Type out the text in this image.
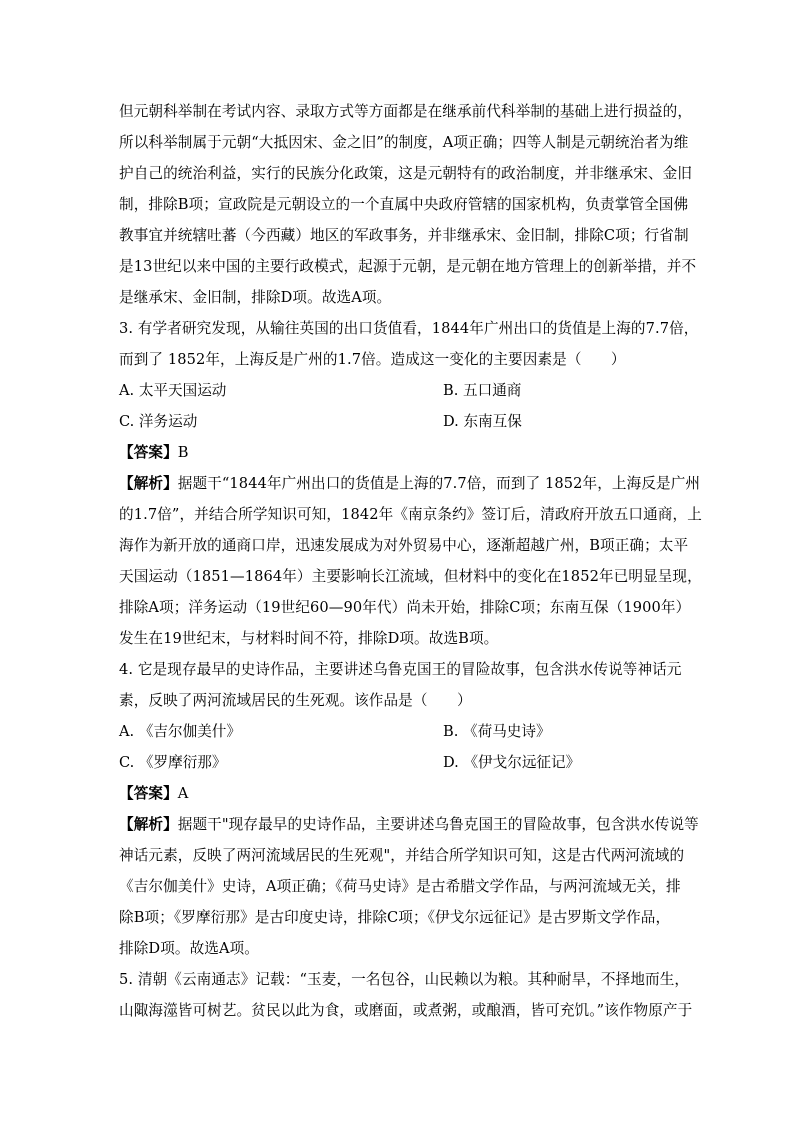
但元朝科举制在考试内容、录取方式等方面都是在继承前代科举制的基础上进行损益的，
所以科举制属于元朝“大抵因宋、金之旧”的制度，A项正确；四等人制是元朝统治者为维
护自己的统治利益，实行的民族分化政策，这是元朝特有的政治制度，并非继承宋、金旧
制，排除B项；宣政院是元朝设立的一个直属中央政府管辖的国家机构，负责掌管全国佛
教事宜并统辖吐蕃（今西藏）地区的军政事务，并非继承宋、金旧制，排除C项；行省制
是13世纪以来中国的主要行政模式，起源于元朝，是元朝在地方管理上的创新举措，并不
是继承宋、金旧制，排除D项。故选A项。
3. 有学者研究发现，从输往英国的出口货值看，1844年广州出口的货值是上海的7.7倍，
而到了 1852年，上海反是广州的1.7倍。造成这一变化的主要因素是（　　）
A. 太平天国运动	B. 五口通商
C. 洋务运动	D. 东南互保
【答案】B
【解析】据题干“1844年广州出口的货值是上海的7.7倍，而到了 1852年，上海反是广州
的1.7倍”，并结合所学知识可知，1842年《南京条约》签订后，清政府开放五口通商，上
海作为新开放的通商口岸，迅速发展成为对外贸易中心，逐渐超越广州，B项正确；太平
天国运动（1851—1864年）主要影响长江流域，但材料中的变化在1852年已明显呈现，
排除A项；洋务运动（19世纪60—90年代）尚未开始，排除C项；东南互保（1900年）
发生在19世纪末，与材料时间不符，排除D项。故选B项。
4. 它是现存最早的史诗作品，主要讲述乌鲁克国王的冒险故事，包含洪水传说等神话元
素，反映了两河流域居民的生死观。该作品是（　　）
A. 《吉尔伽美什》	B. 《荷马史诗》
C. 《罗摩衍那》	D. 《伊戈尔远征记》
【答案】A
【解析】据题干"现存最早的史诗作品，主要讲述乌鲁克国王的冒险故事，包含洪水传说等
神话元素，反映了两河流域居民的生死观"，并结合所学知识可知，这是古代两河流域的
《吉尔伽美什》史诗，A项正确；《荷马史诗》是古希腊文学作品，与两河流域无关，排
除B项；《罗摩衍那》是古印度史诗，排除C项；《伊戈尔远征记》是古罗斯文学作品，
排除D项。故选A项。
5. 清朝《云南通志》记载：“玉麦，一名包谷，山民赖以为粮。其种耐旱，不择地而生，
山陬海澨皆可树艺。贫民以此为食，或磨面，或煮粥，或酿酒，皆可充饥。”该作物原产于
